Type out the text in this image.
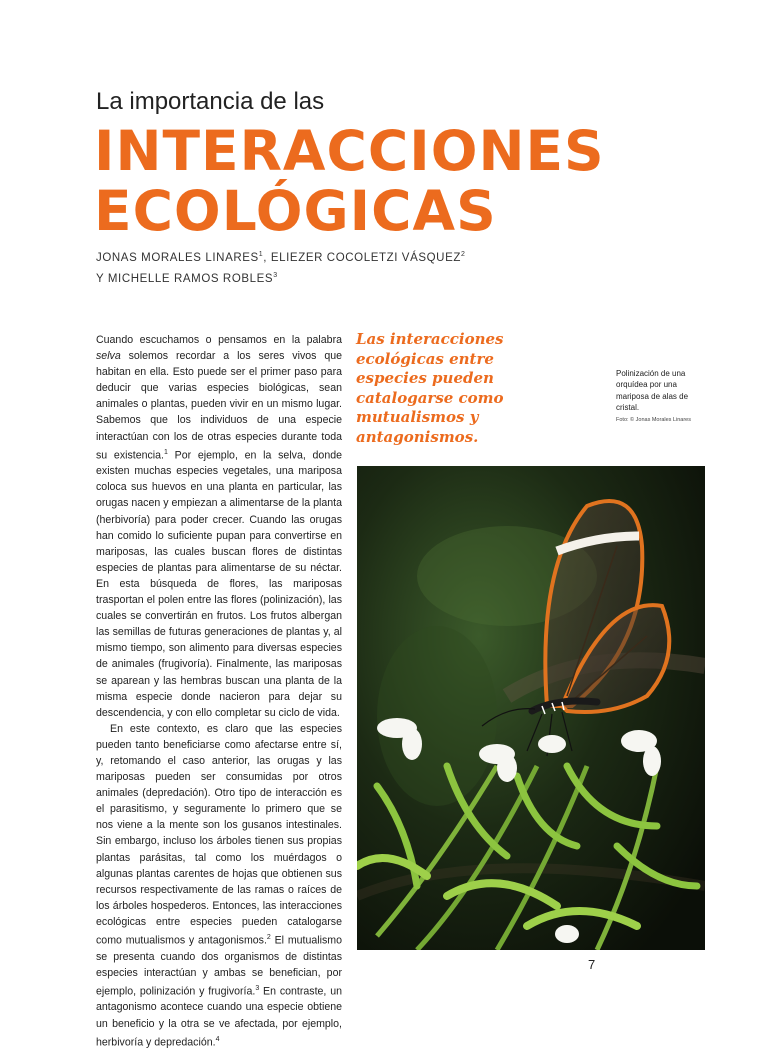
La importancia de las
INTERACCIONES
ECOLÓGICAS
JONAS MORALES LINARES$^1$, ELIEZER COCOLETZI VÁSQUEZ$^2$
Y MICHELLE RAMOS ROBLES$^3$

Cuando escuchamos o pensamos en la palabra selva solemos recordar a los seres vivos que habitan en ella. Esto puede ser el primer paso para deducir que varias especies biológicas, sean animales o plantas, pueden vivir en un mismo lugar. Sabemos que los individuos de una especie interactúan con los de otras especies durante toda su existencia.$^1$ Por ejemplo, en la selva, donde existen muchas especies vegetales, una mariposa coloca sus huevos en una planta en particular, las orugas nacen y empiezan a alimentarse de la planta (herbivoría) para poder crecer. Cuando las orugas han comido lo suficiente pupan para convertirse en mariposas, las cuales buscan flores de distintas especies de plantas para alimentarse de su néctar. En esta búsqueda de flores, las mariposas trasportan el polen entre las flores (polinización), las cuales se convertirán en frutos. Los frutos albergan las semillas de futuras generaciones de plantas y, al mismo tiempo, son alimento para diversas especies de animales (frugivoría). Finalmente, las mariposas se aparean y las hembras buscan una planta de la misma especie donde nacieron para dejar su descendencia, y con ello completar su ciclo de vida.

En este contexto, es claro que las especies pueden tanto beneficiarse como afectarse entre sí, y, retomando el caso anterior, las orugas y las mariposas pueden ser consumidas por otros animales (depredación). Otro tipo de interacción es el parasitismo, y seguramente lo primero que se nos viene a la mente son los gusanos intestinales. Sin embargo, incluso los árboles tienen sus propias plantas parásitas, tal como los muérdagos o algunas plantas carentes de hojas que obtienen sus recursos respectivamente de las ramas o raíces de los árboles hospederos. Entonces, las interacciones ecológicas entre especies pueden catalogarse como mutualismos y antagonismos.$^2$ El mutualismo se presenta cuando dos organismos de distintas especies interactúan y ambas se benefician, por ejemplo, polinización y frugivoría.$^3$ En contraste, un antagonismo acontece cuando una especie obtiene un beneficio y la otra se ve afectada, por ejemplo, herbivoría y depredación.$^4$

Las interacciones ecológicas entre especies pueden catalogarse como mutualismos y antagonismos.
Polinización de una orquídea por una mariposa de alas de cristal.
Foto: © Jonas Morales Linares
7
